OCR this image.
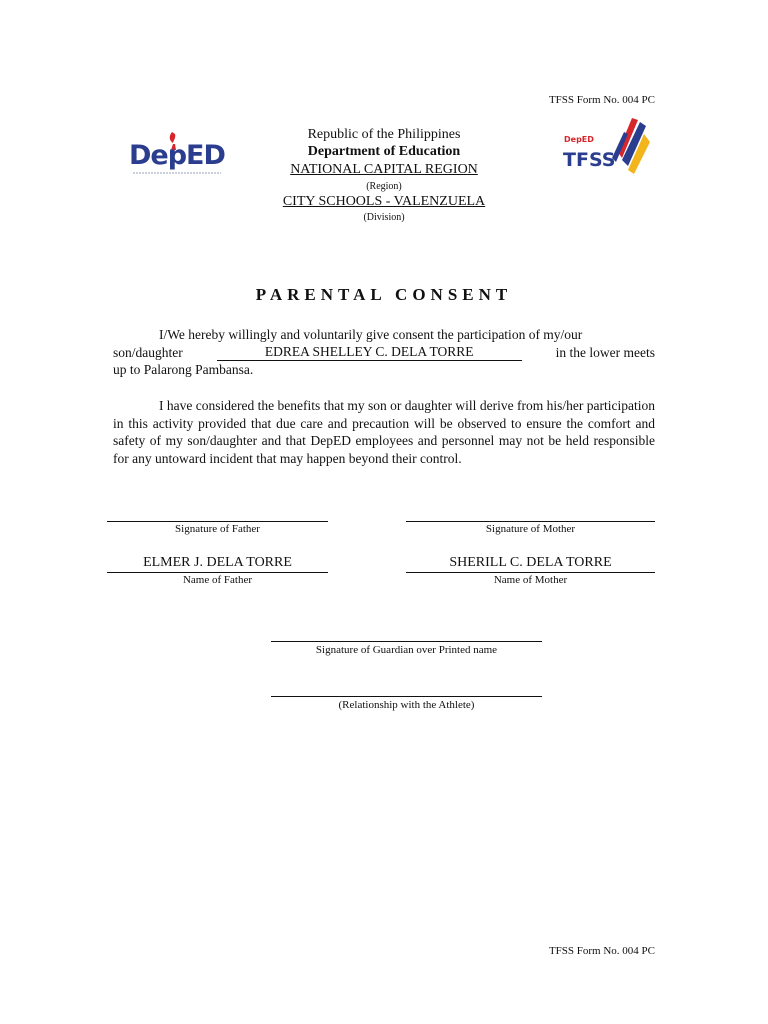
TFSS Form No. 004 PC
DepED
DepED
TFSS
Republic of the Philippines
Department of Education
NATIONAL CAPITAL REGION
(Region)
CITY SCHOOLS - VALENZUELA
(Division)
PARENTAL CONSENT
I/We hereby willingly and voluntarily give consent the participation of my/our
son/daughter	EDREA SHELLEY C. DELA TORRE	in the lower meets
up to Palarong Pambansa.
I have considered the benefits that my son or daughter will derive from his/her participation in this activity provided that due care and precaution will be observed to ensure the comfort and safety of my son/daughter and that DepED employees and personnel may not be held responsible for any untoward incident that may happen beyond their control.
Signature of Father	Signature of Mother
ELMER J. DELA TORRE
Name of Father
SHERILL C. DELA TORRE
Name of Mother
Signature of Guardian over Printed name
(Relationship with the Athlete)
TFSS Form No. 004 PC
